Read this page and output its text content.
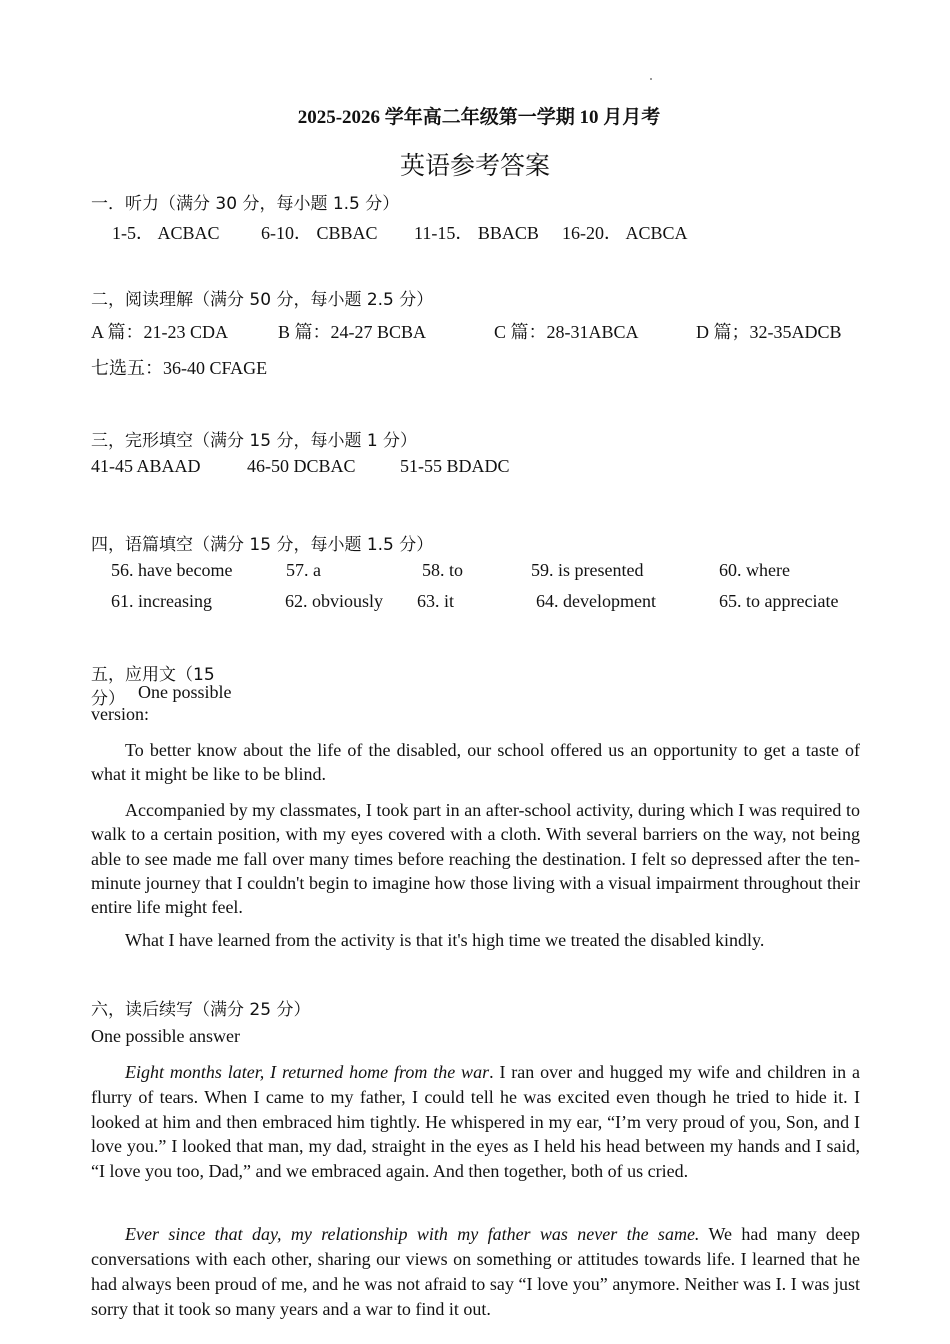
2025-2026 学年高二年级第一学期 10 月月考
英语参考答案
一．听力（满分 30 分，每小题 1.5 分）
1-5． ACBAC 6-10． CBBAC 11-15． BBACB 16-20． ACBCA
二，阅读理解（满分 50 分，每小题 2.5 分）
A 篇：21-23 CDA	B 篇：24-27 BCBA	C 篇：28-31ABCA	D 篇；32-35ADCB
七选五：36-40 CFAGE
三，完形填空（满分 15 分，每小题 1 分）
41-45 ABAAD	46-50 DCBAC 51-55 BDADC
四，语篇填空（满分 15 分，每小题 1.5 分）
56. have become	57. a	58. to	59. is presented	60. where
61. increasing	62. obviously 63. it	64. development	65. to appreciate
五，应用文（15
分） One possible
version:

To better know about the life of the disabled, our school offered us an opportunity to get a taste of what it might be like to be blind.

Accompanied by my classmates, I took part in an after-school activity, during which I was required to walk to a certain position, with my eyes covered with a cloth. With several barriers on the way, not being able to see made me fall over many times before reaching the destination. I felt so depressed after the ten-minute journey that I couldn't begin to imagine how those living with a visual impairment throughout their entire life might feel.

What I have learned from the activity is that it's high time we treated the disabled kindly.

六，读后续写（满分 25 分）
One possible answer

Eight months later, I returned home from the war. I ran over and hugged my wife and children in a flurry of tears. When I came to my father, I could tell he was excited even though he tried to hide it. I looked at him and then embraced him tightly. He whispered in my ear, “I’m very proud of you, Son, and I love you.” I looked that man, my dad, straight in the eyes as I held his head between my hands and I said, “I love you too, Dad,” and we embraced again. And then together, both of us cried.

Ever since that day, my relationship with my father was never the same. We had many deep conversations with each other, sharing our views on something or attitudes towards life. I learned that he had always been proud of me, and he was not afraid to say “I love you” anymore. Neither was I. I was just sorry that it took so many years and a war to find it out.
